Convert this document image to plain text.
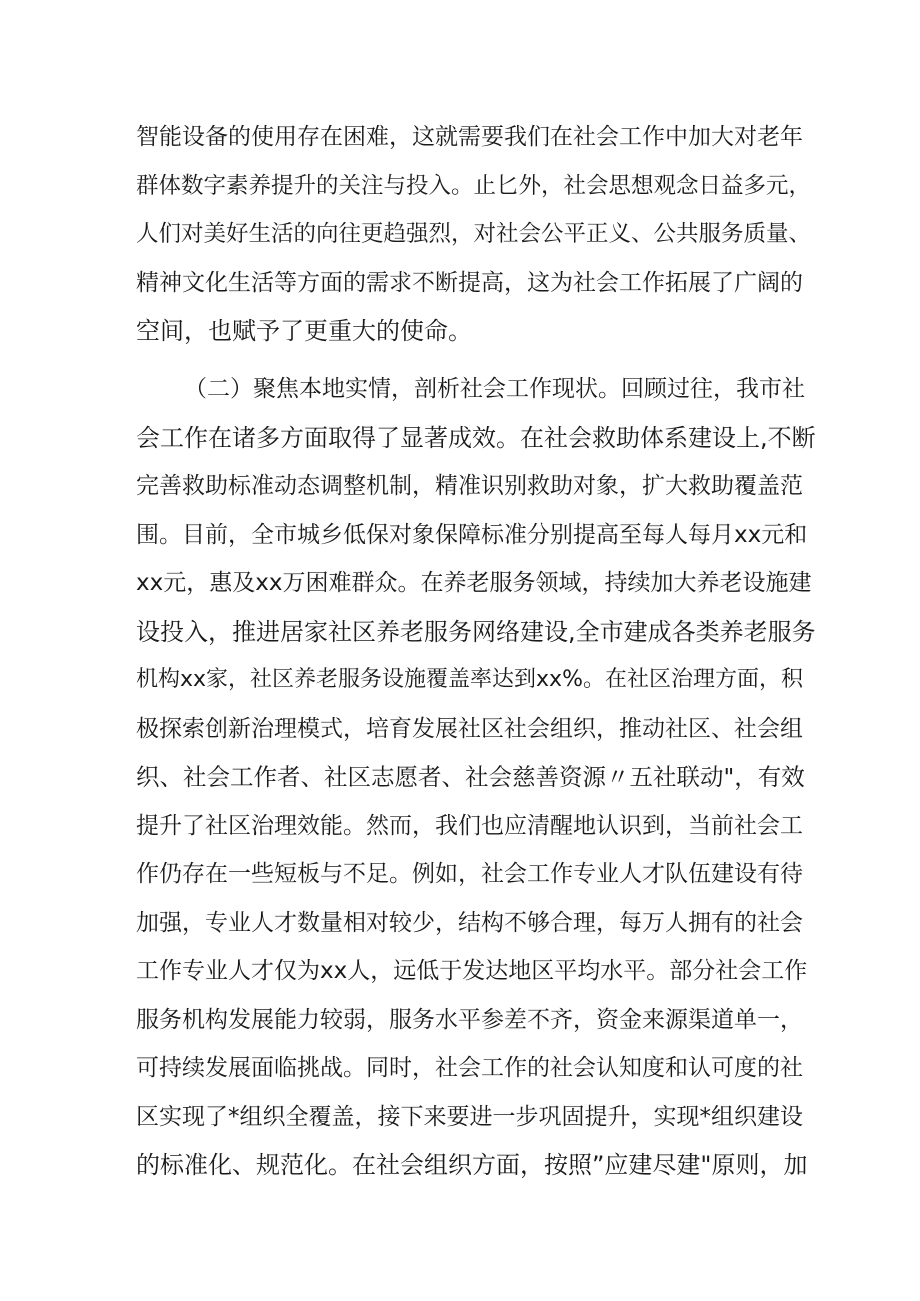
智能设备的使用存在困难，这就需要我们在社会工作中加大对老年
群体数字素养提升的关注与投入。止匕外，社会思想观念日益多元，
人们对美好生活的向往更趋强烈，对社会公平正义、公共服务质量、
精神文化生活等方面的需求不断提高，这为社会工作拓展了广阔的
空间，也赋予了更重大的使命。
（二）聚焦本地实情，剖析社会工作现状。回顾过往，我市社
会工作在诸多方面取得了显著成效。在社会救助体系建设上,不断
完善救助标准动态调整机制，精准识别救助对象，扩大救助覆盖范
围。目前，全市城乡低保对象保障标准分别提高至每人每月xx元和
xx元，惠及xx万困难群众。在养老服务领域，持续加大养老设施建
设投入，推进居家社区养老服务网络建设,全市建成各类养老服务
机构xx家，社区养老服务设施覆盖率达到xx%。在社区治理方面，积
极探索创新治理模式，培育发展社区社会组织，推动社区、社会组
织、社会工作者、社区志愿者、社会慈善资源〃五社联动"，有效
提升了社区治理效能。然而，我们也应清醒地认识到，当前社会工
作仍存在一些短板与不足。例如，社会工作专业人才队伍建设有待
加强，专业人才数量相对较少，结构不够合理，每万人拥有的社会
工作专业人才仅为xx人，远低于发达地区平均水平。部分社会工作
服务机构发展能力较弱，服务水平参差不齐，资金来源渠道单一，
可持续发展面临挑战。同时，社会工作的社会认知度和认可度的社
区实现了*组织全覆盖，接下来要进一步巩固提升，实现*组织建设
的标准化、规范化。在社会组织方面，按照”应建尽建"原则，加
